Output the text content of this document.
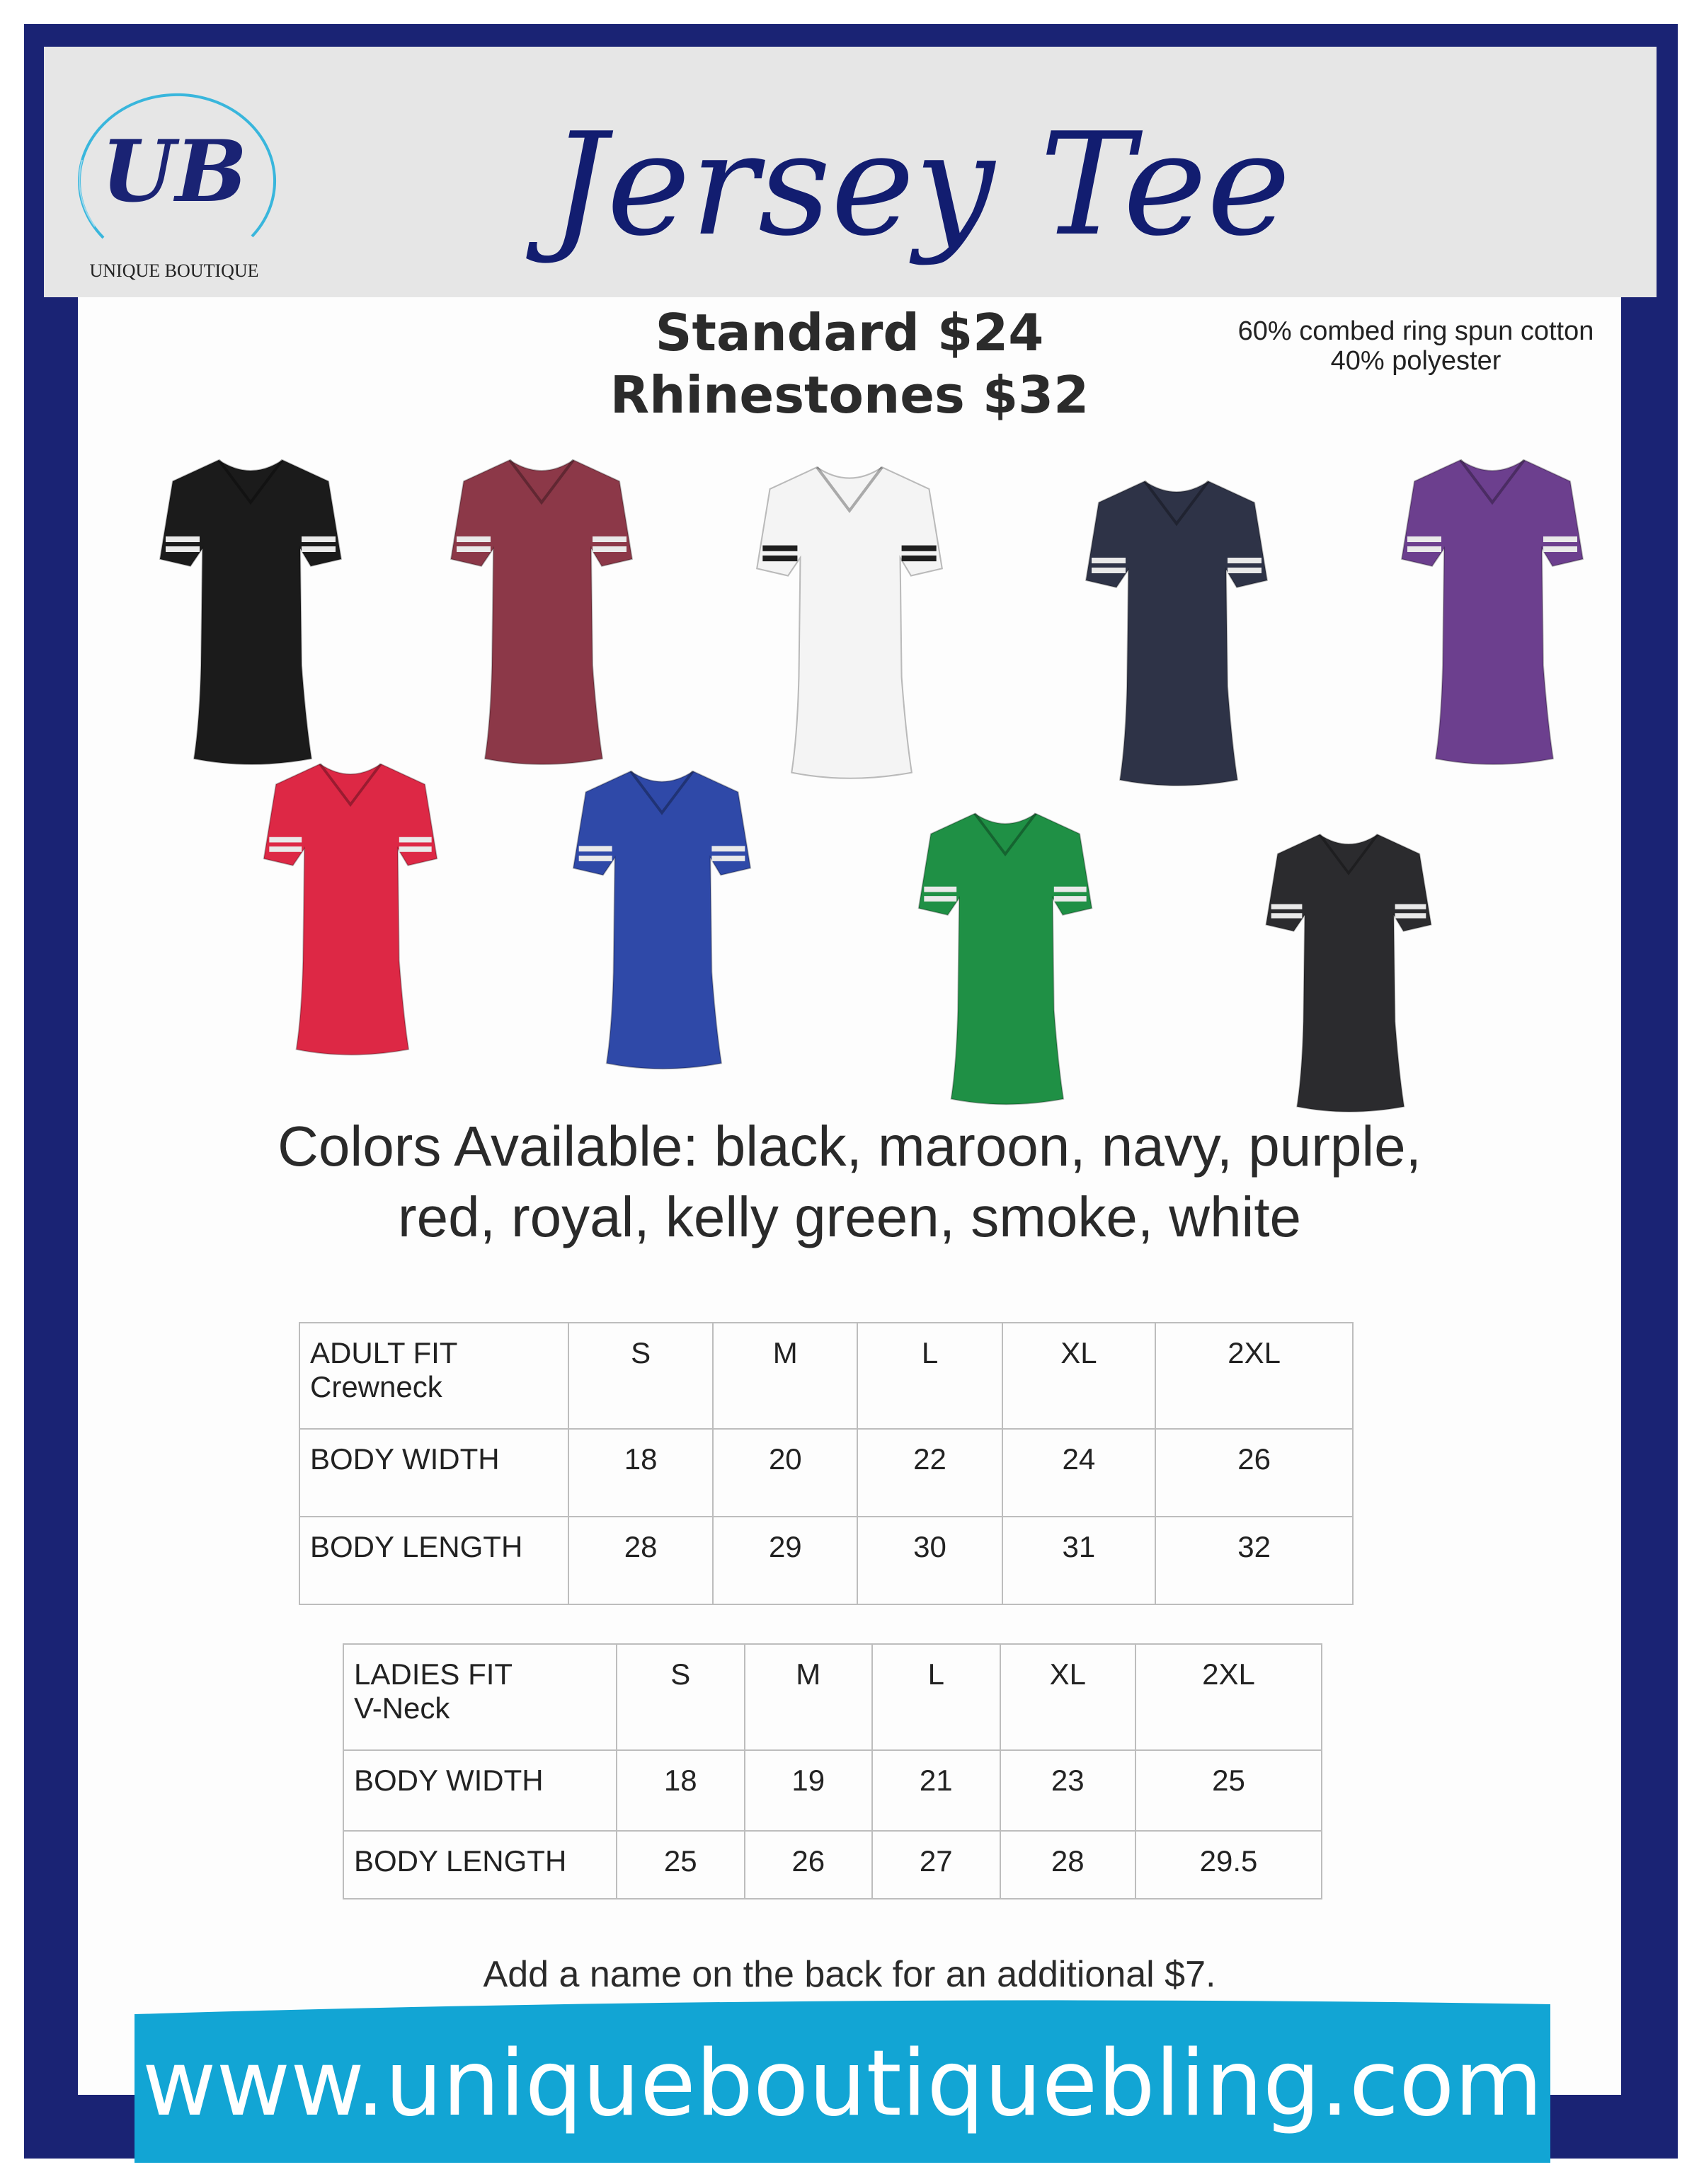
UB
UNIQUE BOUTIQUE
Jersey Tee
Standard $24
Rhinestones $32
60% combed ring spun cotton
40% polyester
Colors Available: black, maroon, navy, purple,
red, royal, kelly green, smoke, white
ADULT FIT
Crewneck	S	M	L	XL	2XL
BODY WIDTH	18	20	22	24	26
BODY LENGTH	28	29	30	31	32
LADIES FIT
V-Neck	S	M	L	XL	2XL
BODY WIDTH	18	19	21	23	25
BODY LENGTH	25	26	27	28	29.5
Add a name on the back for an additional $7.
www.uniqueboutiquebling.com
